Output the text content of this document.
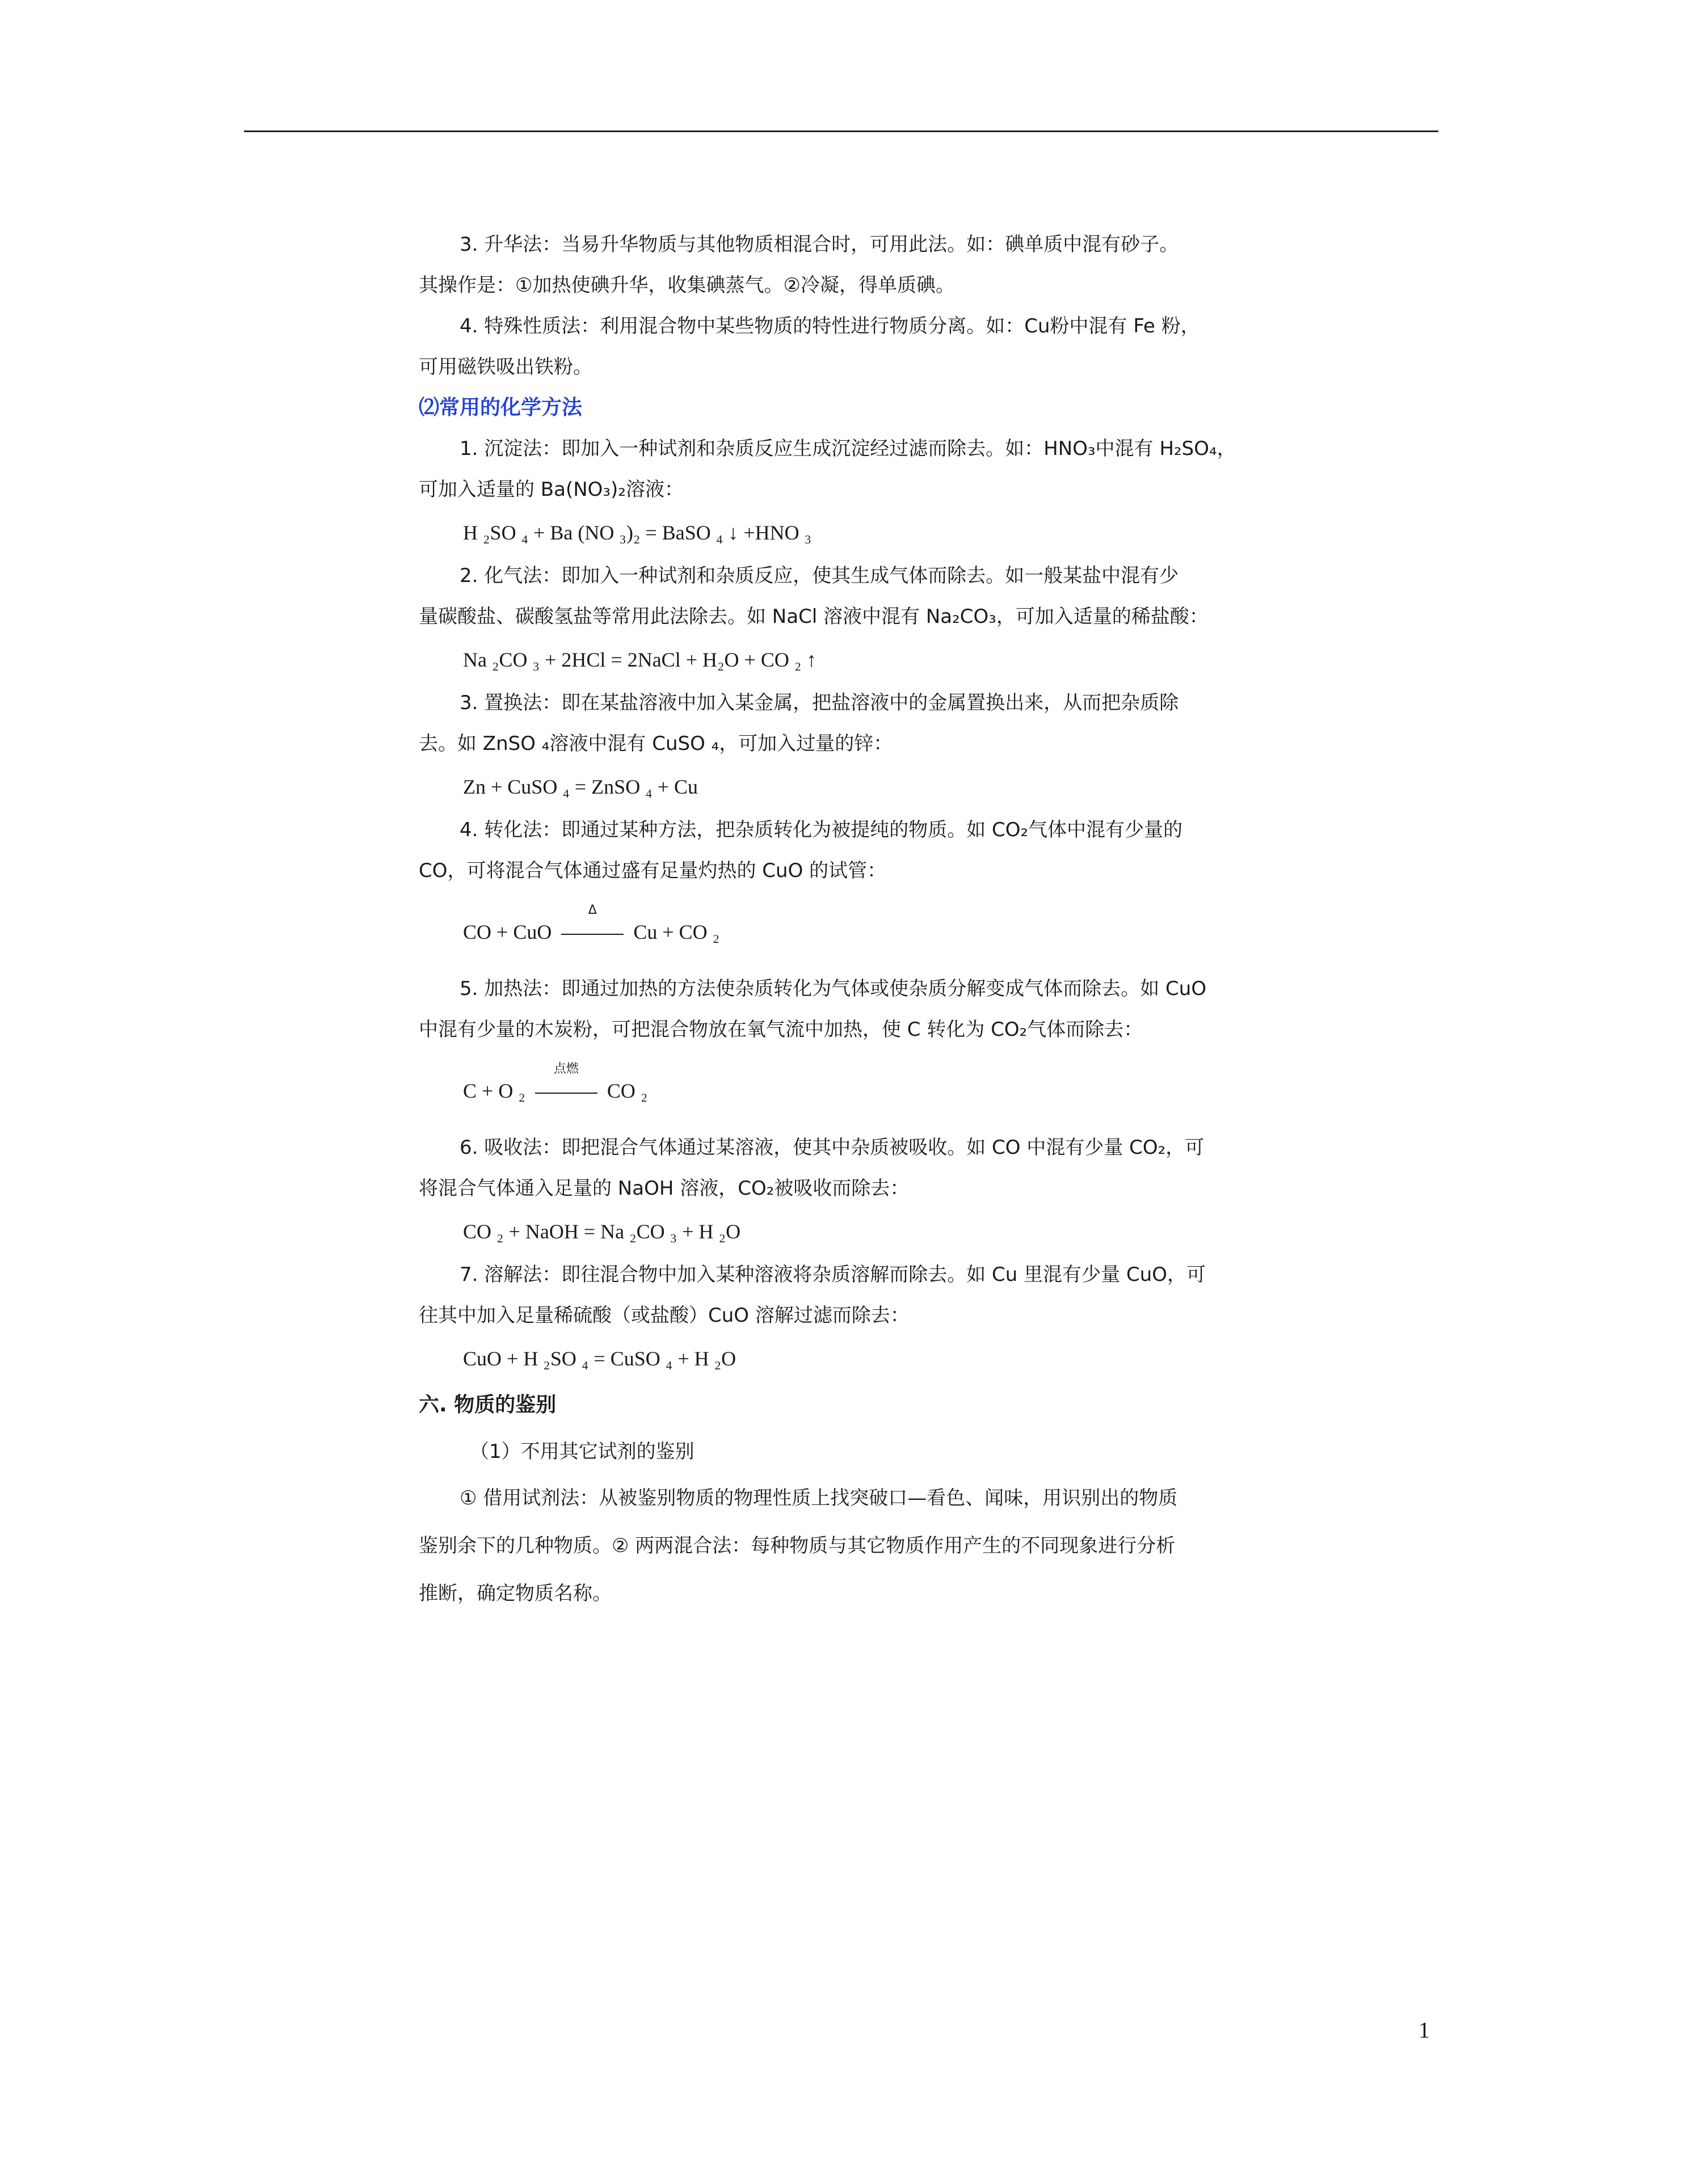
3. 升华法：当易升华物质与其他物质相混合时，可用此法。如：碘单质中混有砂子。

其操作是：①加热使碘升华，收集碘蒸气。②冷凝，得单质碘。

4. 特殊性质法：利用混合物中某些物质的特性进行物质分离。如：Cu粉中混有 Fe 粉，

可用磁铁吸出铁粉。

⑵常用的化学方法

1. 沉淀法：即加入一种试剂和杂质反应生成沉淀经过滤而除去。如：HNO₃中混有 H₂SO₄，

可加入适量的 Ba(NO₃)₂溶液：

H ₂SO ₄ + Ba (NO ₃)₂ = BaSO ₄ ↓ +HNO ₃

2. 化气法：即加入一种试剂和杂质反应，使其生成气体而除去。如一般某盐中混有少

量碳酸盐、碳酸氢盐等常用此法除去。如 NaCl 溶液中混有 Na₂CO₃，可加入适量的稀盐酸：

Na ₂CO ₃ + 2HCl = 2NaCl + H₂O + CO ₂ ↑

3. 置换法：即在某盐溶液中加入某金属，把盐溶液中的金属置换出来，从而把杂质除

去。如 ZnSO ₄溶液中混有 CuSO ₄，可加入过量的锌：

Zn + CuSO ₄ = ZnSO ₄ + Cu

4. 转化法：即通过某种方法，把杂质转化为被提纯的物质。如 CO₂气体中混有少量的

CO，可将混合气体通过盛有足量灼热的 CuO 的试管：

CO + CuO
Δ
Cu + CO ₂

5. 加热法：即通过加热的方法使杂质转化为气体或使杂质分解变成气体而除去。如 CuO

中混有少量的木炭粉，可把混合物放在氧气流中加热，使 C 转化为 CO₂气体而除去：

C + O ₂
点燃
CO ₂

6. 吸收法：即把混合气体通过某溶液，使其中杂质被吸收。如 CO 中混有少量 CO₂，可

将混合气体通入足量的 NaOH 溶液，CO₂被吸收而除去：

CO ₂ + NaOH = Na ₂CO ₃ + H ₂O

7. 溶解法：即往混合物中加入某种溶液将杂质溶解而除去。如 Cu 里混有少量 CuO，可

往其中加入足量稀硫酸（或盐酸）CuO 溶解过滤而除去：

CuO + H ₂SO ₄ = CuSO ₄ + H ₂O

六. 物质的鉴别

（1）不用其它试剂的鉴别

① 借用试剂法：从被鉴别物质的物理性质上找突破口—看色、闻味，用识别出的物质

鉴别余下的几种物质。② 两两混合法：每种物质与其它物质作用产生的不同现象进行分析

推断，确定物质名称。

1
